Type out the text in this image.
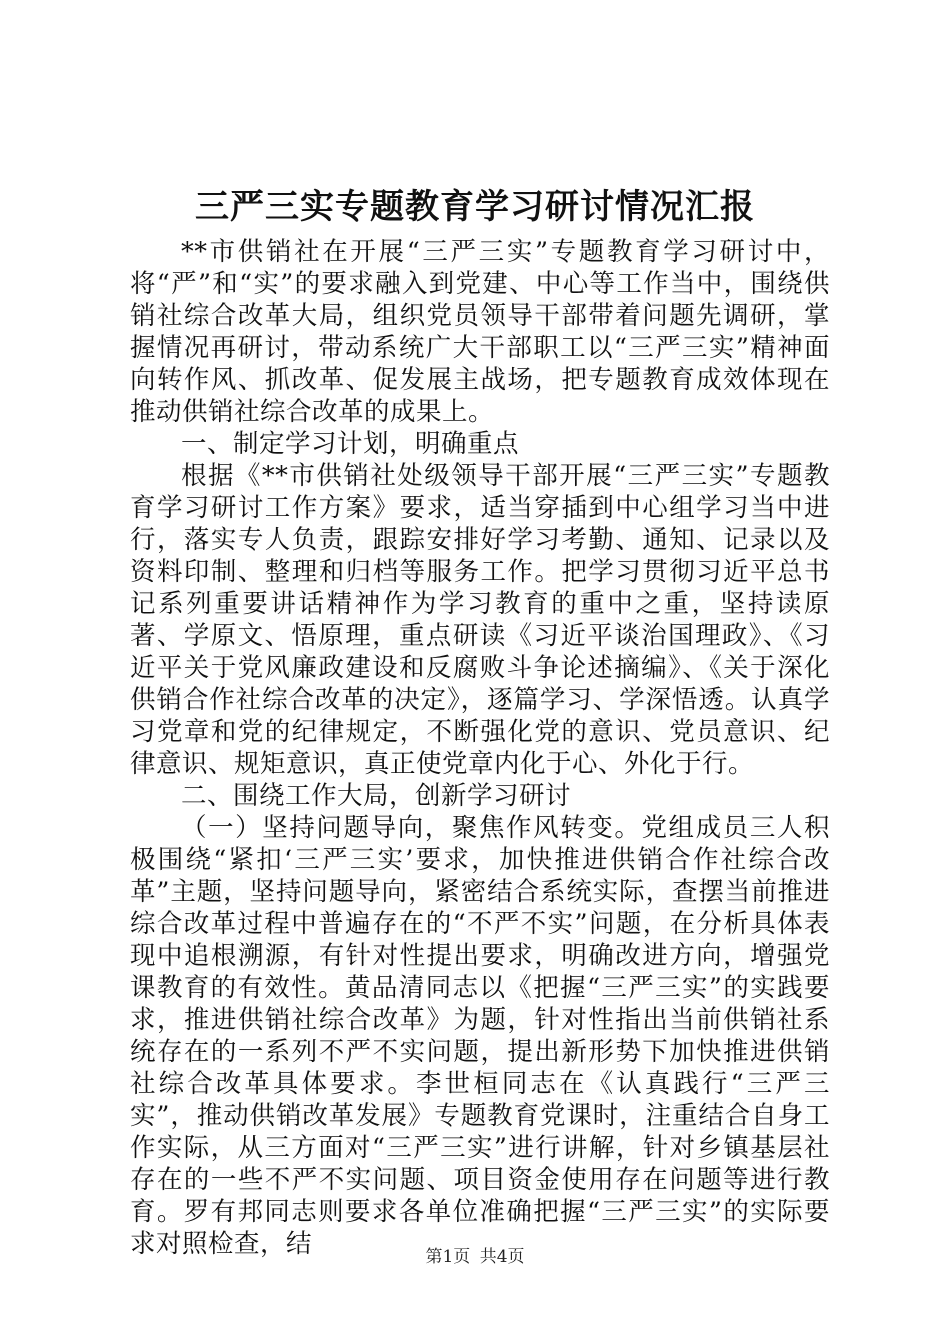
三严三实专题教育学习研讨情况汇报

**市供销社在开展“三严三实”专题教育学习研讨中，将“严”和“实”的要求融入到党建、中心等工作当中，围绕供销社综合改革大局，组织党员领导干部带着问题先调研，掌握情况再研讨，带动系统广大干部职工以“三严三实”精神面向转作风、抓改革、促发展主战场，把专题教育成效体现在推动供销社综合改革的成果上。

一、制定学习计划，明确重点

根据《**市供销社处级领导干部开展“三严三实”专题教育学习研讨工作方案》要求，适当穿插到中心组学习当中进行，落实专人负责，跟踪安排好学习考勤、通知、记录以及资料印制、整理和归档等服务工作。把学习贯彻习近平总书记系列重要讲话精神作为学习教育的重中之重，坚持读原著、学原文、悟原理，重点研读《习近平谈治国理政》、《习近平关于党风廉政建设和反腐败斗争论述摘编》、《关于深化供销合作社综合改革的决定》，逐篇学习、学深悟透。认真学习党章和党的纪律规定，不断强化党的意识、党员意识、纪律意识、规矩意识，真正使党章内化于心、外化于行。

二、围绕工作大局，创新学习研讨

（一）坚持问题导向，聚焦作风转变。党组成员三人积极围绕“紧扣‘三严三实’要求，加快推进供销合作社综合改革”主题，坚持问题导向，紧密结合系统实际，查摆当前推进综合改革过程中普遍存在的“不严不实”问题，在分析具体表现中追根溯源，有针对性提出要求，明确改进方向，增强党课教育的有效性。黄品清同志以《把握“三严三实”的实践要求，推进供销社综合改革》为题，针对性指出当前供销社系统存在的一系列不严不实问题，提出新形势下加快推进供销社综合改革具体要求。李世桓同志在《认真践行“三严三实”，推动供销改革发展》专题教育党课时，注重结合自身工作实际，从三方面对“三严三实”进行讲解，针对乡镇基层社存在的一些不严不实问题、项目资金使用存在问题等进行教育。罗有邦同志则要求各单位准确把握“三严三实”的实际要求对照检查，结	第1页 共4页
